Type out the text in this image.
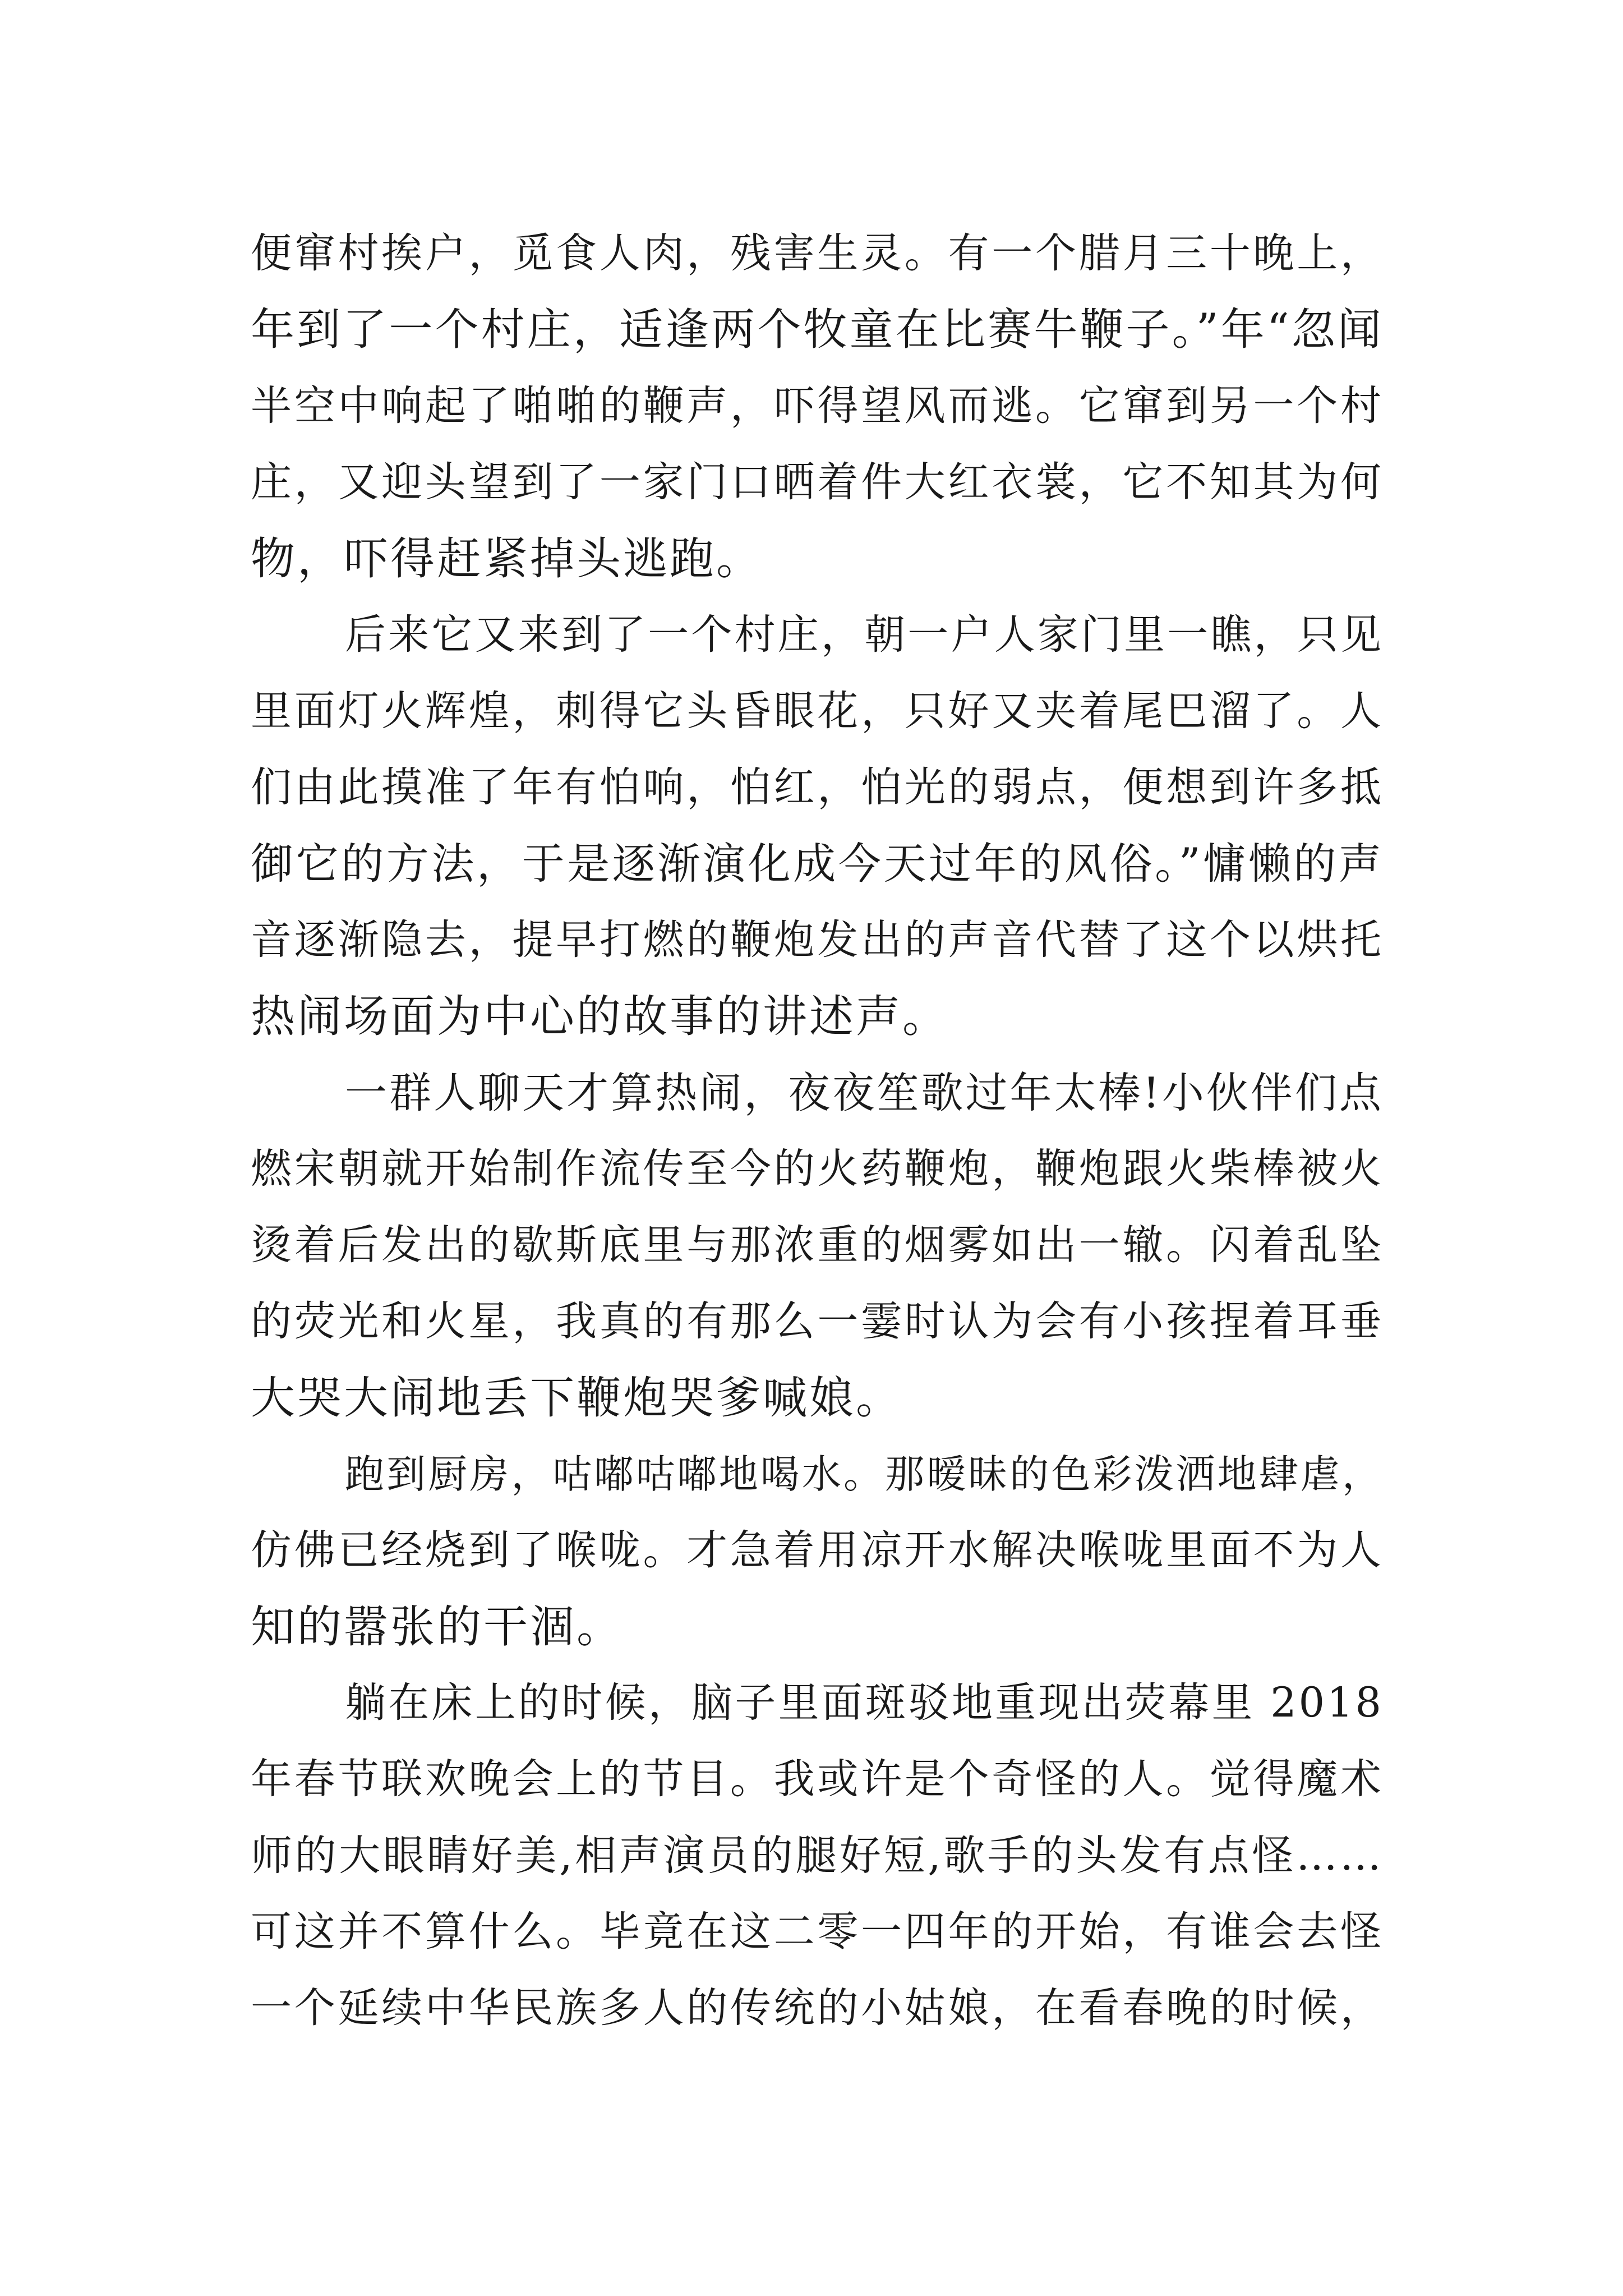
便窜村挨户，觅食人肉，残害生灵。有一个腊月三十晚上，
年到了一个村庄，适逢两个牧童在比赛牛鞭子。”年“忽闻
半空中响起了啪啪的鞭声，吓得望风而逃。它窜到另一个村
庄，又迎头望到了一家门口晒着件大红衣裳，它不知其为何
物，吓得赶紧掉头逃跑。
后来它又来到了一个村庄，朝一户人家门里一瞧，只见
里面灯火辉煌，刺得它头昏眼花，只好又夹着尾巴溜了。人
们由此摸准了年有怕响，怕红，怕光的弱点，便想到许多抵
御它的方法，于是逐渐演化成今天过年的风俗。”慵懒的声
音逐渐隐去，提早打燃的鞭炮发出的声音代替了这个以烘托
热闹场面为中心的故事的讲述声。
一群人聊天才算热闹，夜夜笙歌过年太棒!小伙伴们点
燃宋朝就开始制作流传至今的火药鞭炮，鞭炮跟火柴棒被火
烫着后发出的歇斯底里与那浓重的烟雾如出一辙。闪着乱坠
的荧光和火星，我真的有那么一霎时认为会有小孩捏着耳垂
大哭大闹地丢下鞭炮哭爹喊娘。
跑到厨房，咕嘟咕嘟地喝水。那暧昧的色彩泼洒地肆虐，
仿佛已经烧到了喉咙。才急着用凉开水解决喉咙里面不为人
知的嚣张的干涸。
躺在床上的时候，脑子里面斑驳地重现出荧幕里 2018
年春节联欢晚会上的节目。我或许是个奇怪的人。觉得魔术
师的大眼睛好美,相声演员的腿好短,歌手的头发有点怪……
可这并不算什么。毕竟在这二零一四年的开始，有谁会去怪
一个延续中华民族多人的传统的小姑娘，在看春晚的时候，
